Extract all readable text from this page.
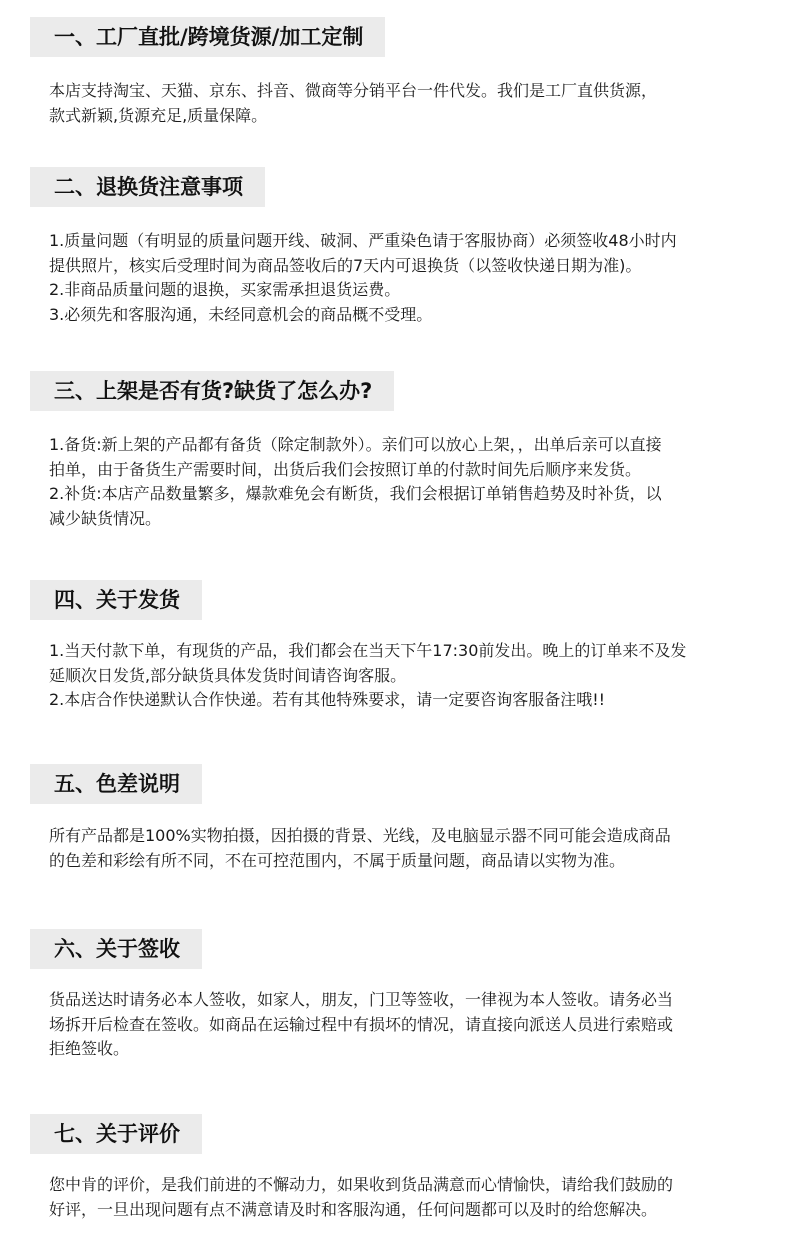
一、工厂直批/跨境货源/加工定制
本店支持淘宝、天猫、京东、抖音、微商等分销平台一件代发。我们是工厂直供货源，
款式新颖,货源充足,质量保障。
二、退换货注意事项
1.质量问题（有明显的质量问题开线、破洞、严重染色请于客服协商）必须签收48小时内
提供照片，核实后受理时间为商品签收后的7天内可退换货（以签收快递日期为准)。
2.非商品质量问题的退换，买家需承担退货运费。
3.必须先和客服沟通，未经同意机会的商品概不受理。
三、上架是否有货?缺货了怎么办?
1.备货:新上架的产品都有备货（除定制款外）。亲们可以放心上架，，出单后亲可以直接
拍单，由于备货生产需要时间，出货后我们会按照订单的付款时间先后顺序来发货。
2.补货:本店产品数量繁多，爆款难免会有断货，我们会根据订单销售趋势及时补货，以
减少缺货情况。
四、关于发货
1.当天付款下单，有现货的产品，我们都会在当天下午17:30前发出。晚上的订单来不及发
延顺次日发货,部分缺货具体发货时间请咨询客服。
2.本店合作快递默认合作快递。若有其他特殊要求，请一定要咨询客服备注哦!!
五、色差说明
所有产品都是100%实物拍摄，因拍摄的背景、光线，及电脑显示器不同可能会造成商品
的色差和彩绘有所不同，不在可控范围内，不属于质量问题，商品请以实物为准。
六、关于签收
货品送达时请务必本人签收，如家人，朋友，门卫等签收，一律视为本人签收。请务必当
场拆开后检查在签收。如商品在运输过程中有损坏的情况，请直接向派送人员进行索赔或
拒绝签收。
七、关于评价
您中肯的评价，是我们前进的不懈动力，如果收到货品满意而心情愉快，请给我们鼓励的
好评，一旦出现问题有点不满意请及时和客服沟通，任何问题都可以及时的给您解决。
